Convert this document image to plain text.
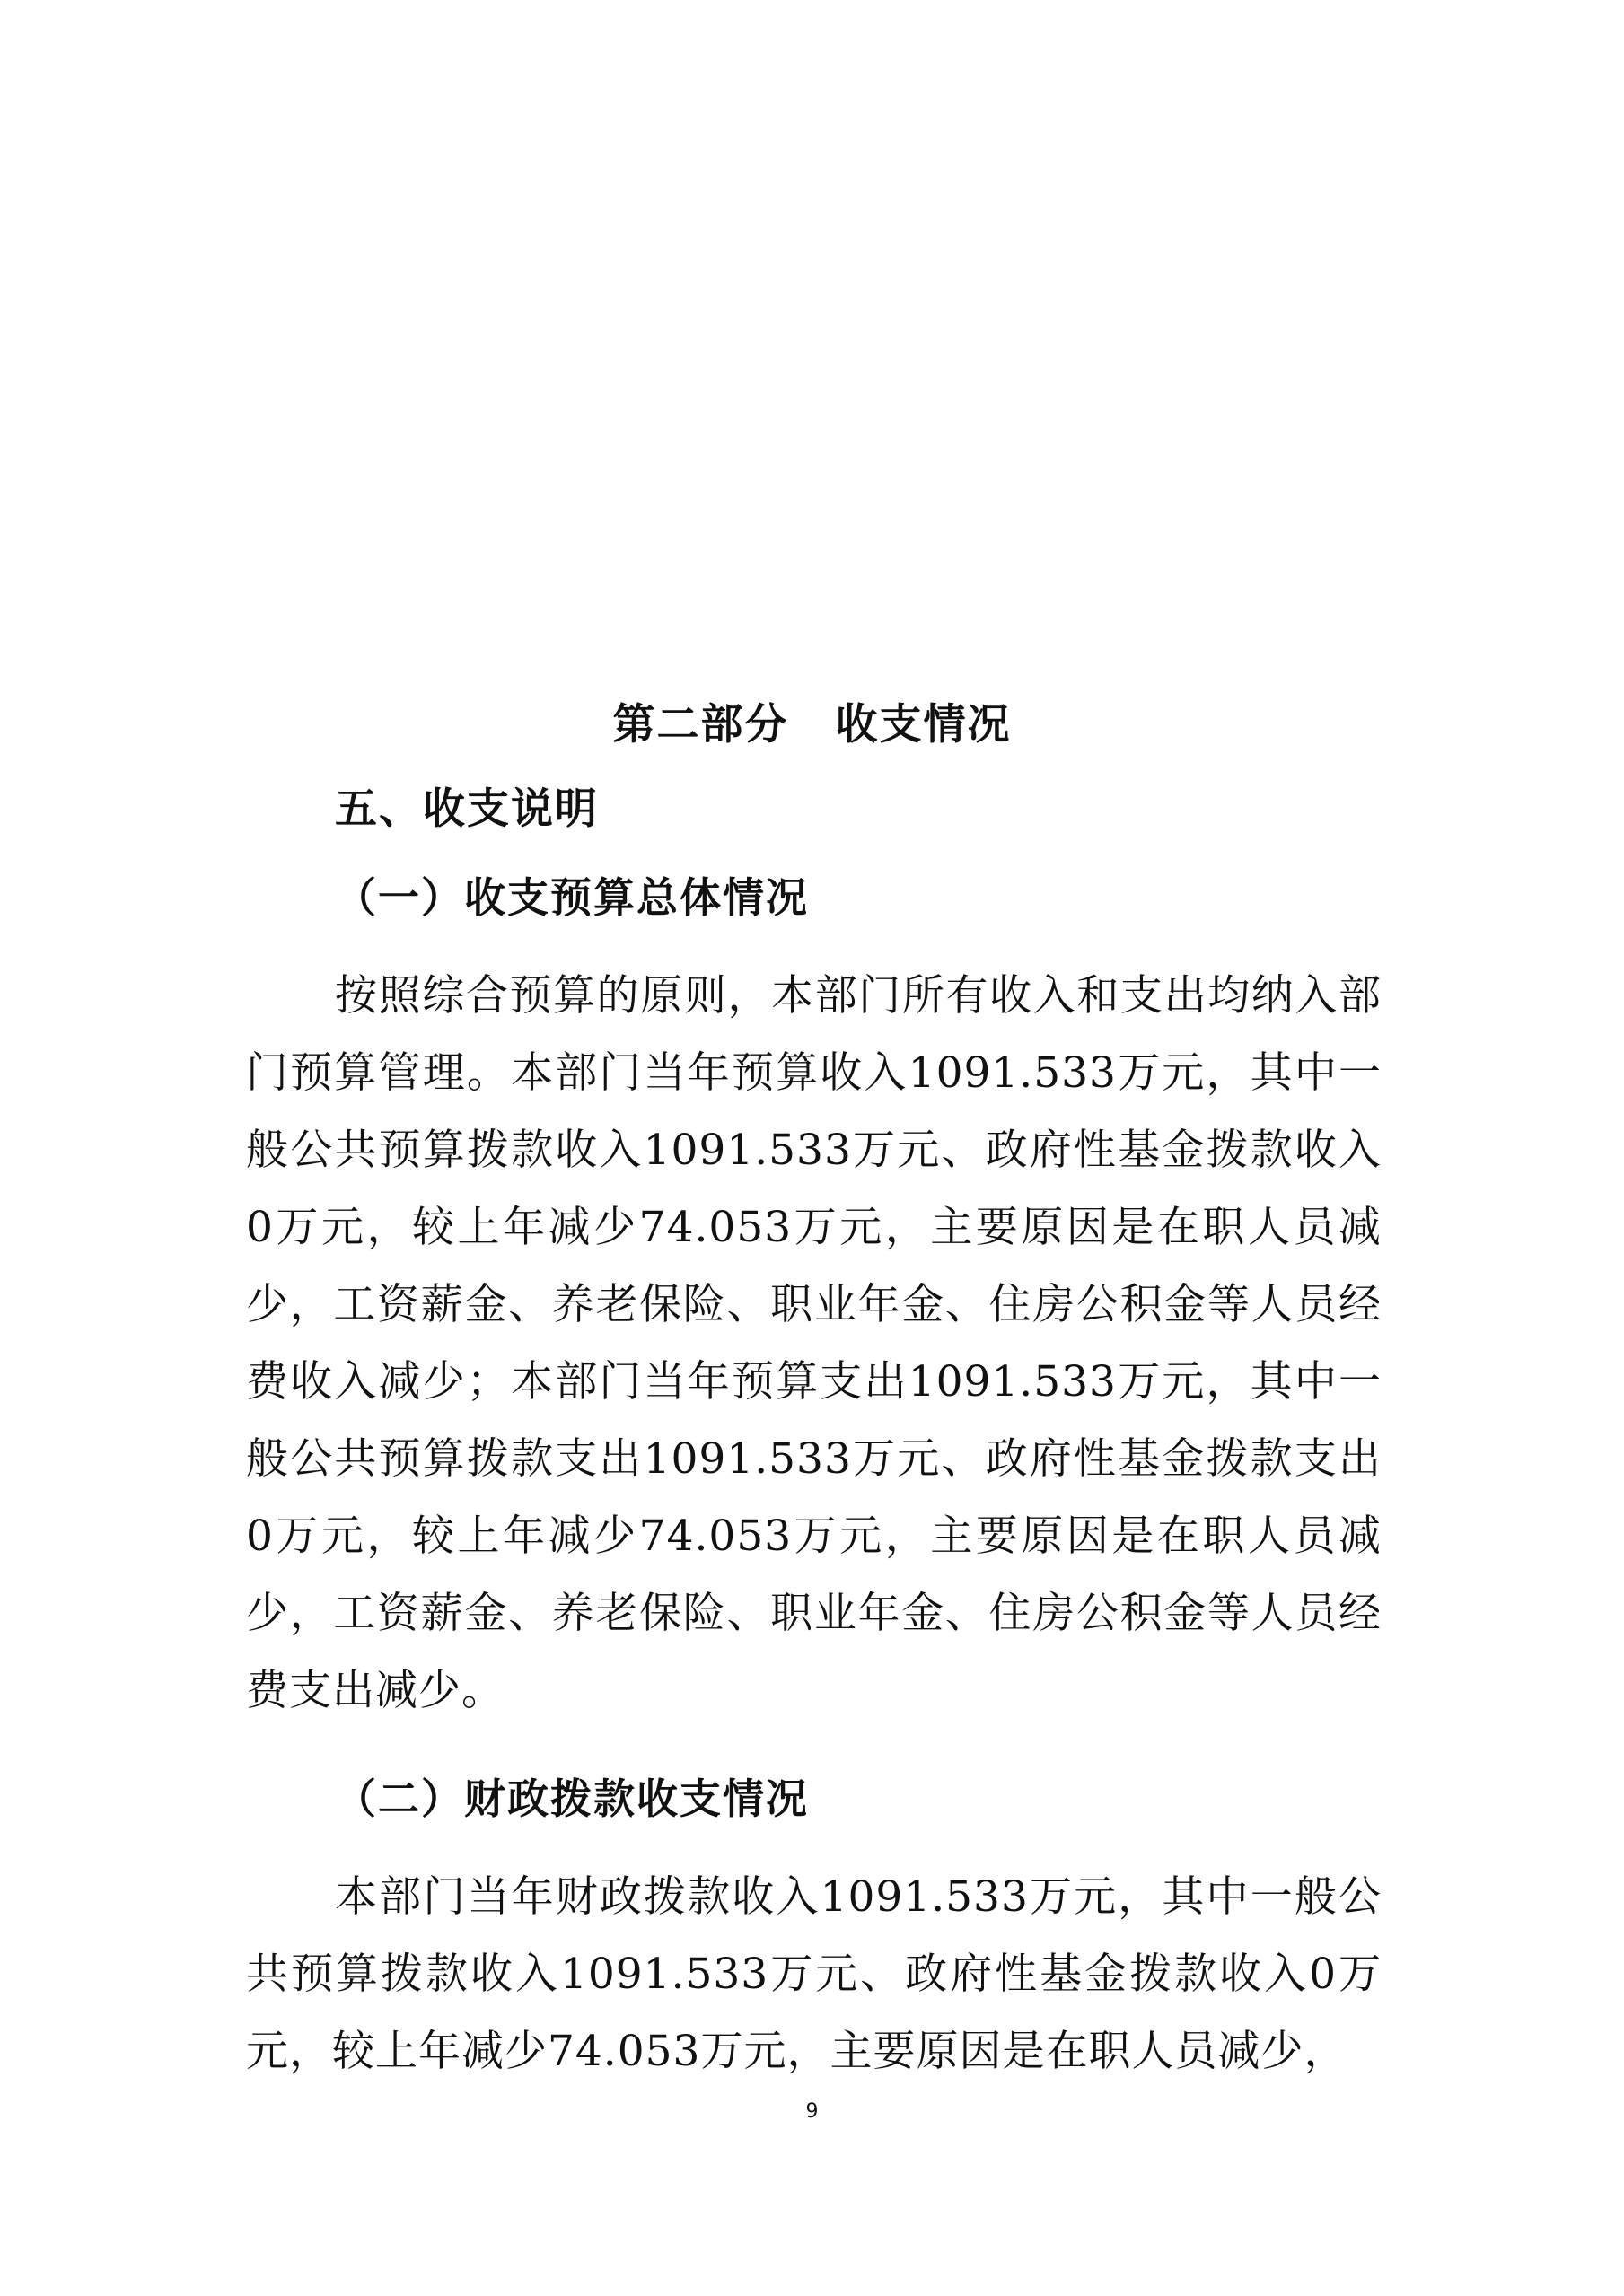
第二部分 收支情况
五、收支说明
（一）收支预算总体情况

按照综合预算的原则，本部门所有收入和支出均纳入部门预算管理。本部门当年预算收入1091.533万元，其中一般公共预算拨款收入1091.533万元、政府性基金拨款收入0万元，较上年减少74.053万元，主要原因是在职人员减少，工资薪金、养老保险、职业年金、住房公积金等人员经费收入减少；本部门当年预算支出1091.533万元，其中一般公共预算拨款支出1091.533万元、政府性基金拨款支出0万元，较上年减少74.053万元，主要原因是在职人员减少，工资薪金、养老保险、职业年金、住房公积金等人员经费支出减少。

（二）财政拨款收支情况

本部门当年财政拨款收入1091.533万元，其中一般公共预算拨款收入1091.533万元、政府性基金拨款收入0万元，较上年减少74.053万元，主要原因是在职人员减少，

9
